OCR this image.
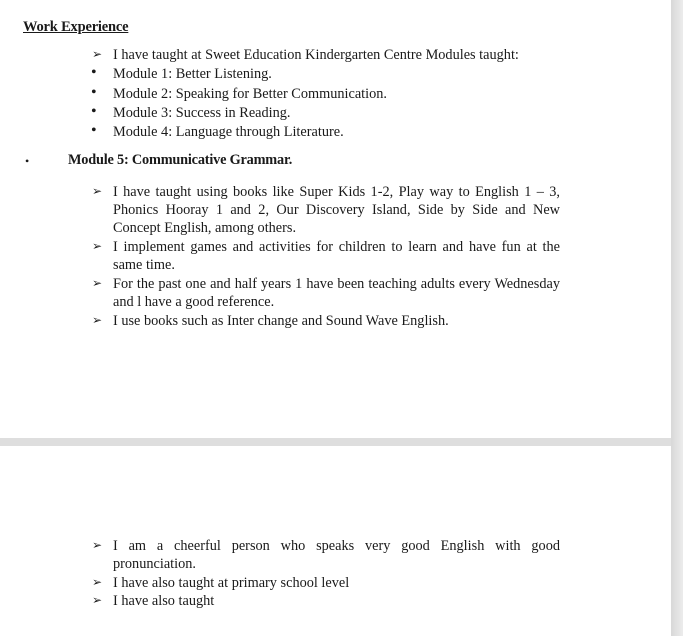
Work Experience
➢ I have taught at Sweet Education Kindergarten Centre Modules taught:
• Module 1: Better Listening.
• Module 2: Speaking for Better Communication.
• Module 3: Success in Reading.
• Module 4: Language through Literature.
•	Module 5: Communicative Grammar.
➢ I have taught using books like Super Kids 1-2, Play way to English 1 – 3, Phonics Hooray 1 and 2, Our Discovery Island, Side by Side and New Concept English, among others.
➢ I implement games and activities for children to learn and have fun at the same time.
➢ For the past one and half years 1 have been teaching adults every Wednesday and l have a good reference.
➢ I use books such as Inter change and Sound Wave English.
➢ I am a cheerful person who speaks very good English with good pronunciation.
➢ I have also taught at primary school level
➢ I have also taught
